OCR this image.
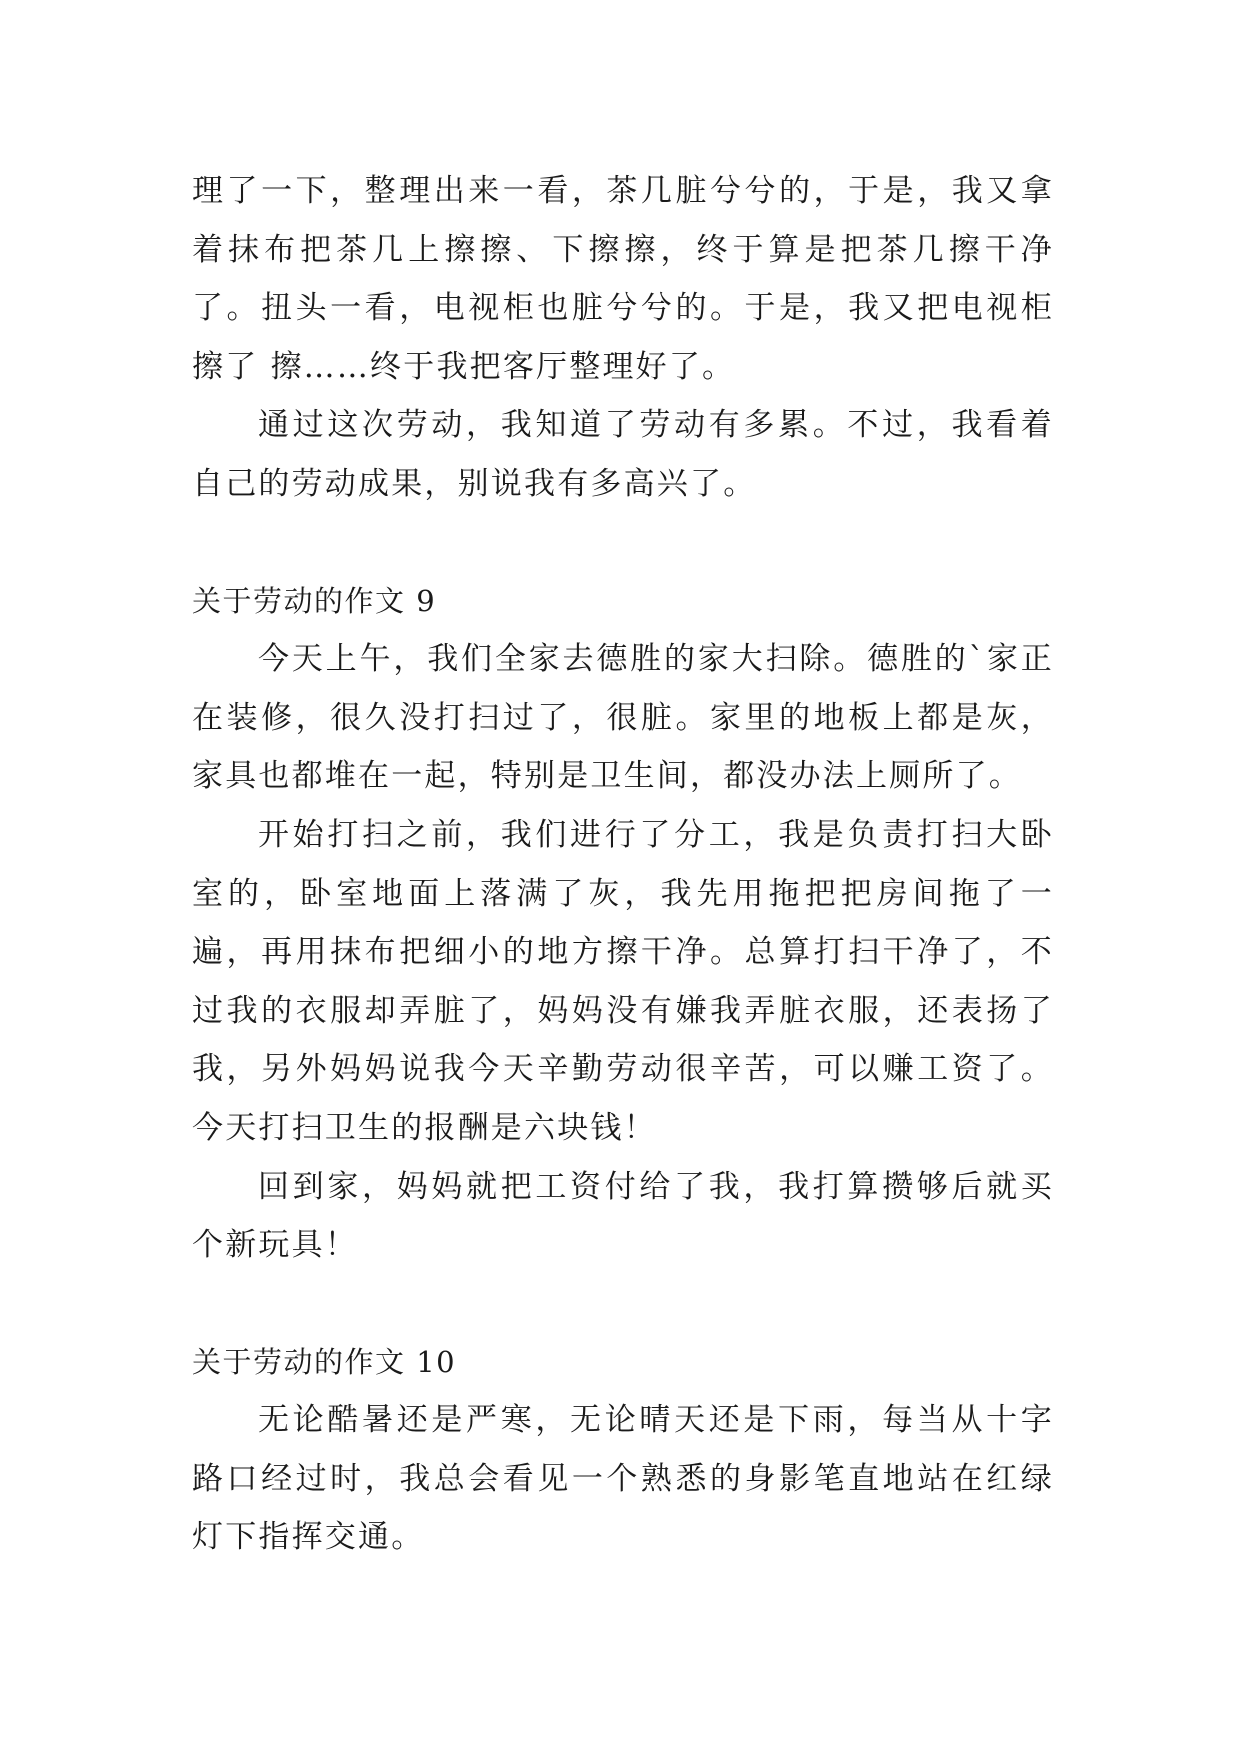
理了一下，整理出来一看，茶几脏兮兮的，于是，我又拿着抹布把茶几上擦擦、下擦擦，终于算是把茶几擦干净了。扭头一看，电视柜也脏兮兮的。于是，我又把电视柜擦了 擦……终于我把客厅整理好了。

通过这次劳动，我知道了劳动有多累。不过，我看着自己的劳动成果，别说我有多高兴了。

关于劳动的作文 9

今天上午，我们全家去德胜的家大扫除。德胜的`家正在装修，很久没打扫过了，很脏。家里的地板上都是灰，家具也都堆在一起，特别是卫生间，都没办法上厕所了。

开始打扫之前，我们进行了分工，我是负责打扫大卧室的，卧室地面上落满了灰，我先用拖把把房间拖了一遍，再用抹布把细小的地方擦干净。总算打扫干净了，不过我的衣服却弄脏了，妈妈没有嫌我弄脏衣服，还表扬了我，另外妈妈说我今天辛勤劳动很辛苦，可以赚工资了。今天打扫卫生的报酬是六块钱！

回到家，妈妈就把工资付给了我，我打算攒够后就买个新玩具！

关于劳动的作文 10

无论酷暑还是严寒，无论晴天还是下雨，每当从十字路口经过时，我总会看见一个熟悉的身影笔直地站在红绿灯下指挥交通。
